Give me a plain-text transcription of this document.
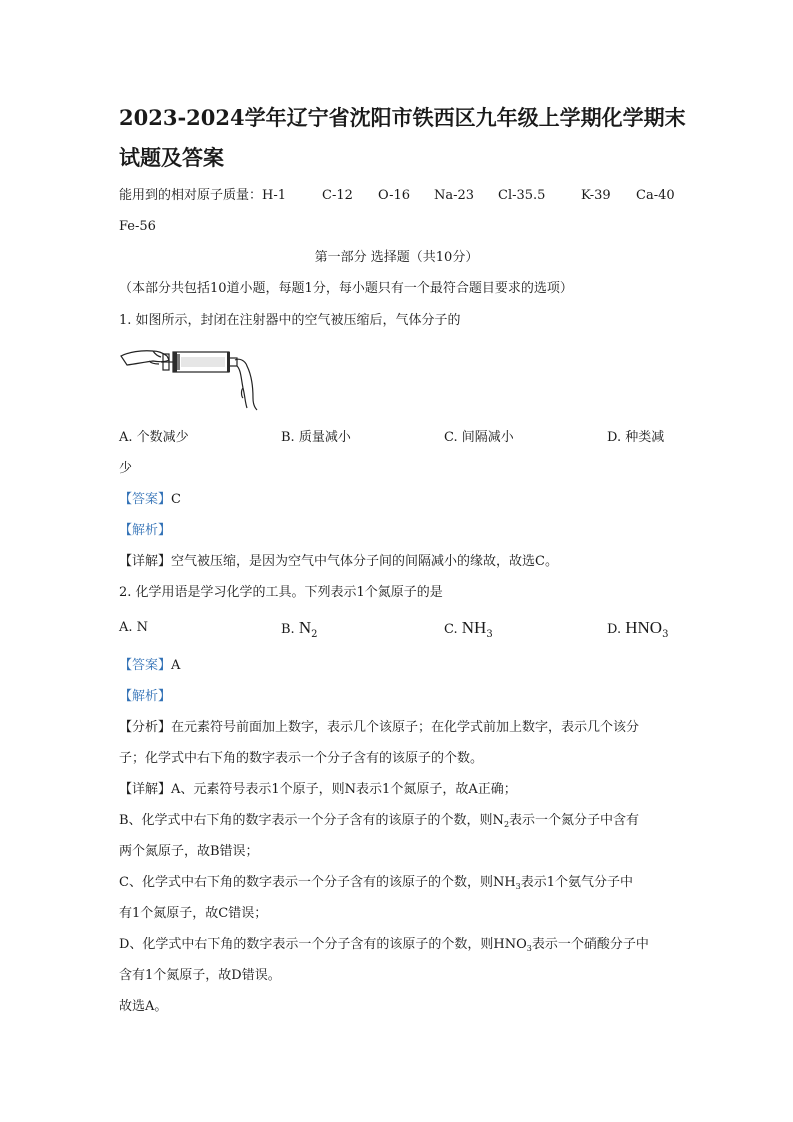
2023-2024学年辽宁省沈阳市铁西区九年级上学期化学期末
试题及答案
能用到的相对原子质量：H-1	C-12 O-16 Na-23 Cl-35.5	K-39 Ca-40
Fe-56
第一部分 选择题（共10分）
（本部分共包括10道小题，每题1分，每小题只有一个最符合题目要求的选项）
1. 如图所示，封闭在注射器中的空气被压缩后，气体分子的
A. 个数减少	B. 质量减小	C. 间隔减小	D. 种类减
少
【答案】C
【解析】
【详解】空气被压缩，是因为空气中气体分子间的间隔减小的缘故，故选C。
2. 化学用语是学习化学的工具。下列表示1个氮原子的是
A. N	B. $N_2$	C. $NH_3$	D. $HNO_3$
【答案】A
【解析】
【分析】在元素符号前面加上数字，表示几个该原子；在化学式前加上数字，表示几个该分
子；化学式中右下角的数字表示一个分子含有的该原子的个数。
【详解】A、元素符号表示1个原子，则N表示1个氮原子，故A正确；
B、化学式中右下角的数字表示一个分子含有的该原子的个数，则$N_2$表示一个氮分子中含有
两个氮原子，故B错误；
C、化学式中右下角的数字表示一个分子含有的该原子的个数，则$NH_3$表示1个氨气分子中
有1个氮原子，故C错误；
D、化学式中右下角的数字表示一个分子含有的该原子的个数，则$HNO_3$表示一个硝酸分子中
含有1个氮原子，故D错误。
故选A。
